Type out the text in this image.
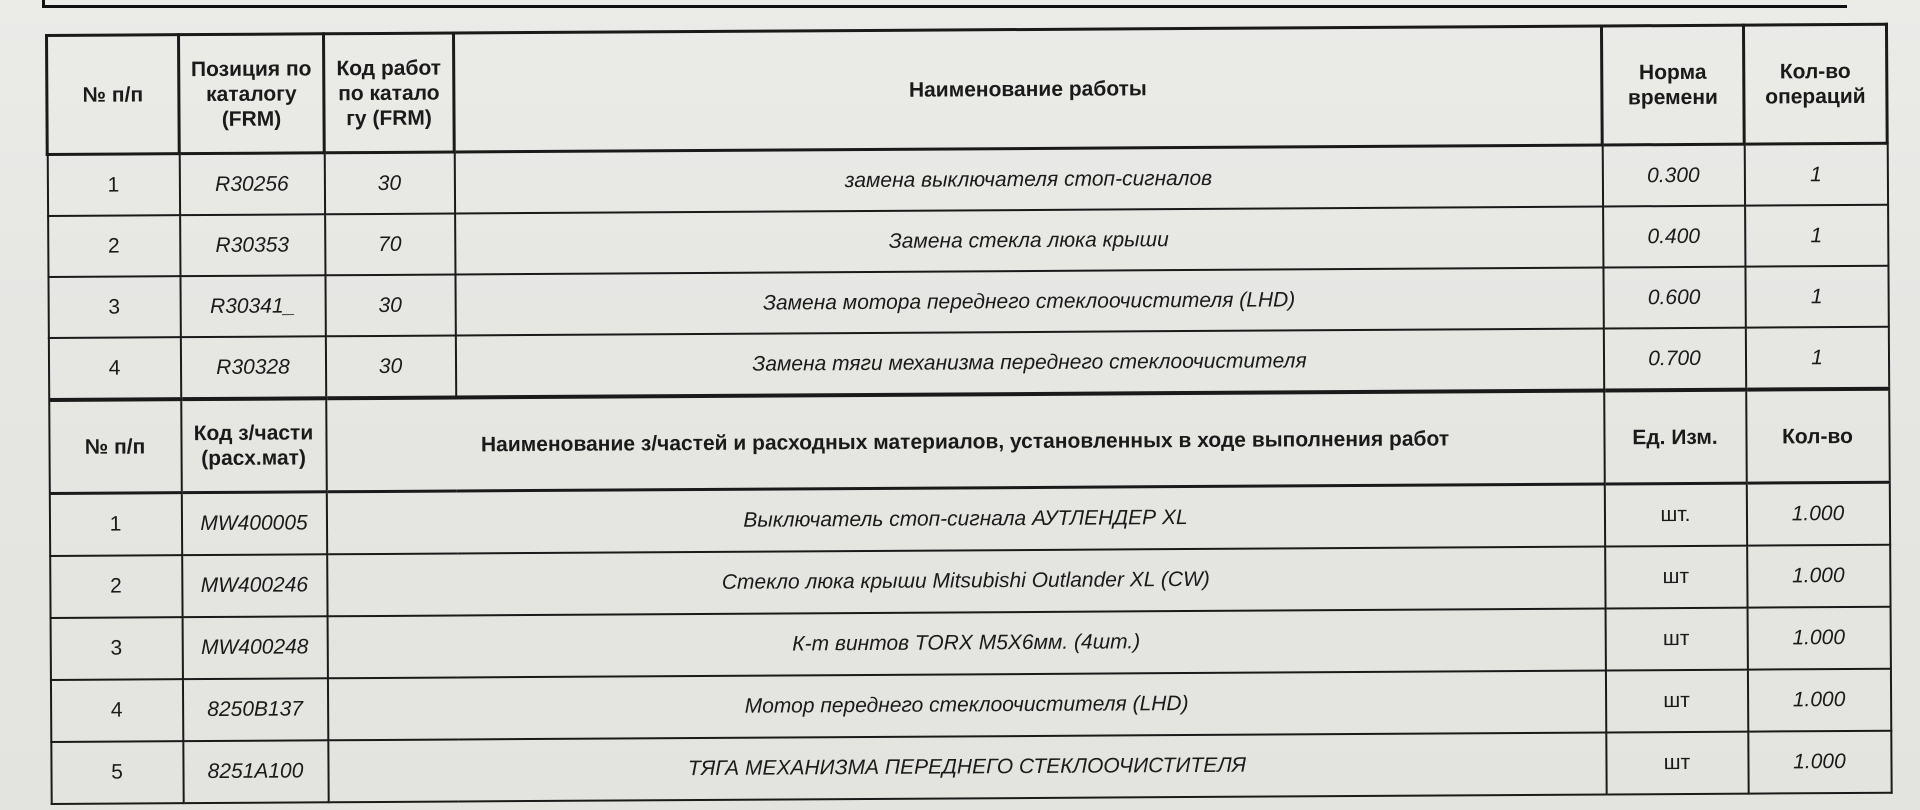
№ п/п	Позиция по каталогу (FRM)	Код работ по катало гу (FRM)	Наименование работы	Норма времени	Кол-во операций
1	R30256	30	замена выключателя стоп-сигналов	0.300	1
2	R30353	70	Замена стекла люка крыши	0.400	1
3	R30341_	30	Замена мотора переднего стеклоочистителя (LHD)	0.600	1
4	R30328	30	Замена тяги механизма переднего стеклоочистителя	0.700	1
№ п/п	Код з/части (расх.мат)	Наименование з/частей и расходных материалов, установленных в ходе выполнения работ		Ед. Изм.	Кол-во
1	MW400005	Выключатель стоп-сигнала АУТЛЕНДЕР XL		шт.	1.000
2	MW400246	Стекло люка крыши Mitsubishi Outlander XL (CW)		шт	1.000
3	MW400248	К-т винтов TORX M5X6мм. (4шт.)		шт	1.000
4	8250B137	Мотор переднего стеклоочистителя (LHD)		шт	1.000
5	8251A100	ТЯГА МЕХАНИЗМА ПЕРЕДНЕГО СТЕКЛООЧИСТИТЕЛЯ		шт	1.000
